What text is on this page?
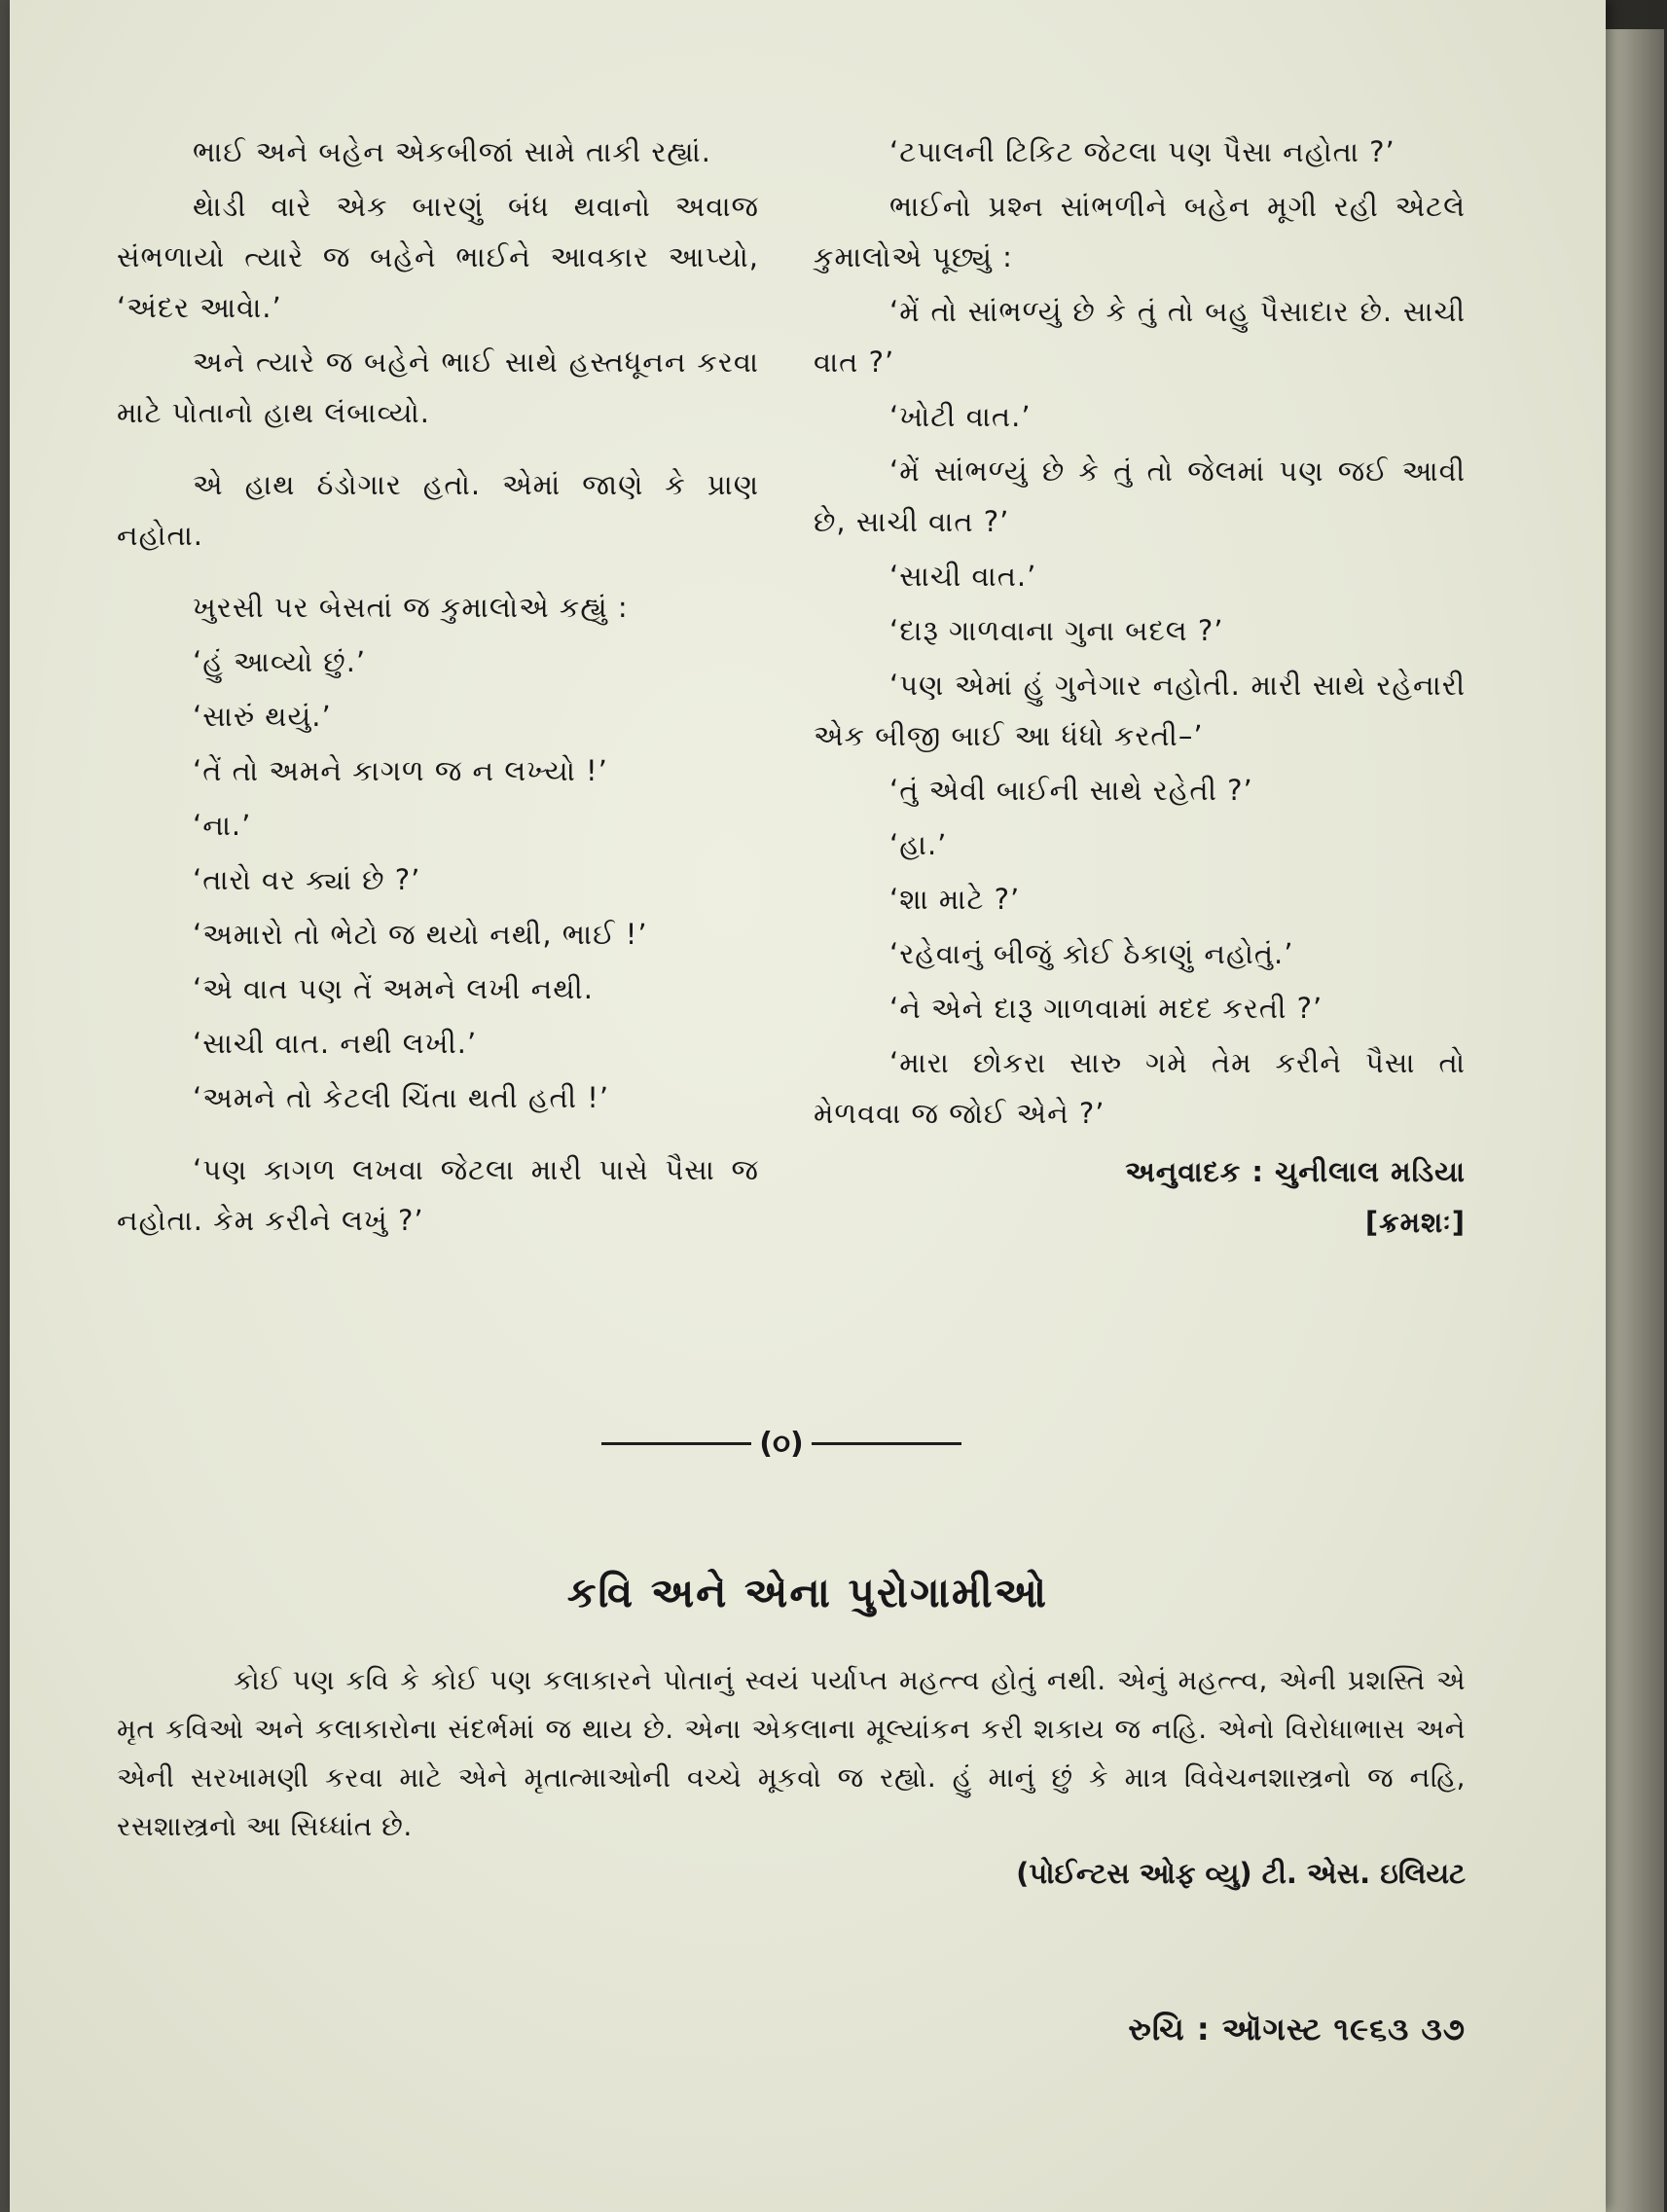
ભાઈ અને બહેન એકબીજાં સામે તાકી રહ્યાં.

થેાડી વારે એક બારણું બંધ થવાનો અવાજ સંભળાયો ત્યારે જ બહેને ભાઈને આવકાર આપ્યો, ‘અંદર આવેા.’

અને ત્યારે જ બહેને ભાઈ સાથે હસ્તધૂનન કરવા માટે પોતાનો હાથ લંબાવ્યો.

એ હાથ ઠંડોગાર હતો. એમાં જાણે કે પ્રાણ નહોતા.

ખુરસી પર બેસતાં જ કુમાલોએ કહ્યું :

‘હું આવ્યો છું.’

‘સારું થયું.’

‘તેં તો અમને કાગળ જ ન લખ્યો !’

‘ના.’

‘તારો વર ક્યાં છે ?’

‘અમારો તો ભેટો જ થયો નથી, ભાઈ !’

‘એ વાત પણ તેં અમને લખી નથી.

‘સાચી વાત. નથી લખી.’

‘અમને તો કેટલી ચિંતા થતી હતી !’

‘પણ કાગળ લખવા જેટલા મારી પાસે પૈસા જ નહોતા. કેમ કરીને લખું ?’

‘ટપાલની ટિકિટ જેટલા પણ પૈસા નહોતા ?’

ભાઈનો પ્રશ્ન સાંભળીને બહેન મૂગી રહી એટલે કુમાલોએ પૂછ્યું :

‘મેં તો સાંભળ્યું છે કે તું તો બહુ પૈસાદાર છે. સાચી વાત ?’

‘ખોટી વાત.’

‘મેં સાંભળ્યું છે કે તું તો જેલમાં પણ જઈ આવી છે, સાચી વાત ?’

‘સાચી વાત.’

‘દારૂ ગાળવાના ગુના બદલ ?’

‘પણ એમાં હું ગુનેગાર નહોતી. મારી સાથે રહેનારી એક બીજી બાઈ આ ધંધો કરતી–’

‘તું એવી બાઈની સાથે રહેતી ?’

‘હા.’

‘શા માટે ?’

‘રહેવાનું બીજું કોઈ ઠેકાણું નહોતું.’

‘ને એને દારૂ ગાળવામાં મદદ કરતી ?’

‘મારા છોકરા સારુ ગમે તેમ કરીને પૈસા તો મેળવવા જ જોઈ એને ?’

અનુવાદક : ચુનીલાલ મડિયા
[ક્રમશઃ]
(૦)
કવિ અને એના પુરોગામીઓ
કોઈ પણ કવિ કે કોઈ પણ કલાકારને પોતાનું સ્વયં પર્યાપ્ત મહત્ત્વ હોતું નથી. એનું મહત્ત્વ, એની પ્રશસ્તિ એ મૃત કવિઓ અને કલાકારોના સંદર્ભમાં જ થાય છે. એના એકલાના મૂલ્યાંકન કરી શકાય જ નહિ. એનો વિરોધાભાસ અને એની સરખામણી કરવા માટે એને મૃતાત્માઓની વચ્ચે મૂકવો જ રહ્યો. હું માનું છું કે માત્ર વિવેચનશાસ્ત્રનો જ નહિ, રસશાસ્ત્રનો આ સિધ્ધાંત છે.
(પોઈન્ટસ ઓફ વ્યુ) ટી. એસ. ઇલિયટ
રુચિ : ઑગસ્ટ ૧૯૬૩ ૩૭
